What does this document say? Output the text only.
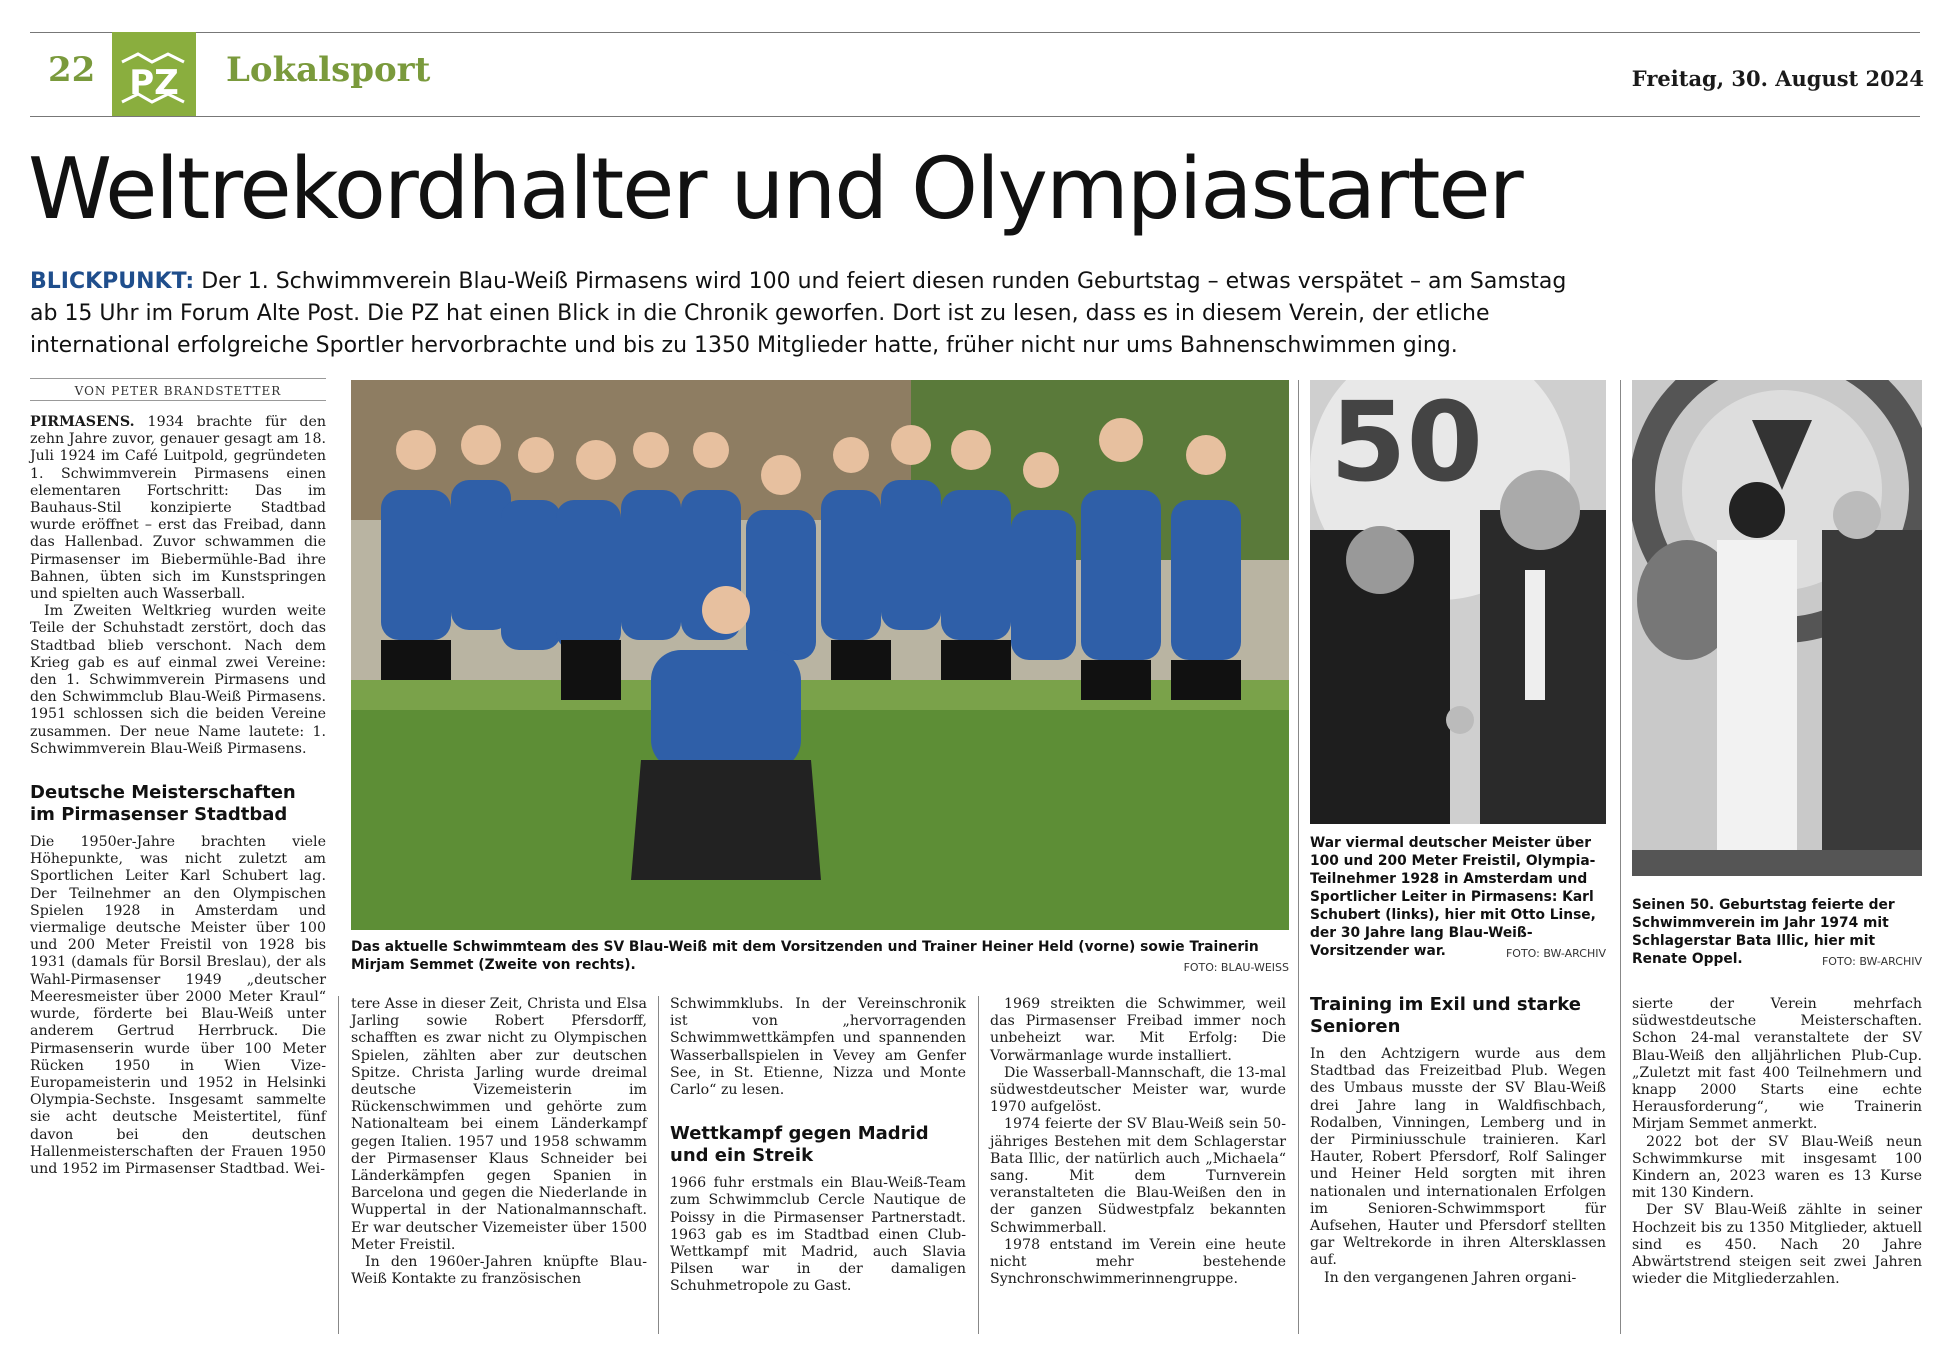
22 PZ Lokalsport	Freitag, 30. August 2024
Weltrekordhalter und Olympiastarter
BLICKPUNKT: Der 1. Schwimmverein Blau-Weiß Pirmasens wird 100 und feiert diesen runden Geburtstag – etwas verspätet – am Samstag ab 15 Uhr im Forum Alte Post. Die PZ hat einen Blick in die Chronik geworfen. Dort ist zu lesen, dass es in diesem Verein, der etliche international erfolgreiche Sportler hervorbrachte und bis zu 1350 Mitglieder hatte, früher nicht nur ums Bahnenschwimmen ging.
VON PETER BRANDSTETTER

PIRMASENS. 1934 brachte für den zehn Jahre zuvor, genauer gesagt am 18. Juli 1924 im Café Luitpold, gegründeten 1. Schwimmverein Pirmasens einen elementaren Fortschritt: Das im Bauhaus-Stil konzipierte Stadtbad wurde eröffnet – erst das Freibad, dann das Hallenbad. Zuvor schwammen die Pirmasenser im Biebermühle-Bad ihre Bahnen, übten sich im Kunstspringen und spielten auch Wasserball.

Im Zweiten Weltkrieg wurden weite Teile der Schuhstadt zerstört, doch das Stadtbad blieb verschont. Nach dem Krieg gab es auf einmal zwei Vereine: den 1. Schwimmverein Pirmasens und den Schwimmclub Blau-Weiß Pirmasens. 1951 schlossen sich die beiden Vereine zusammen. Der neue Name lautete: 1. Schwimmverein Blau-Weiß Pirmasens.

Deutsche Meisterschaften im Pirmasenser Stadtbad

Die 1950er-Jahre brachten viele Höhepunkte, was nicht zuletzt am Sportlichen Leiter Karl Schubert lag. Der Teilnehmer an den Olympischen Spielen 1928 in Amsterdam und viermalige deutsche Meister über 100 und 200 Meter Freistil von 1928 bis 1931 (damals für Borsil Breslau), der als Wahl-Pirmasenser 1949 „deutscher Meeresmeister über 2000 Meter Kraul“ wurde, förderte bei Blau-Weiß unter anderem Gertrud Herrbruck. Die Pirmasenserin wurde über 100 Meter Rücken 1950 in Wien Vize-Europameisterin und 1952 in Helsinki Olympia-Sechste. Insgesamt sammelte sie acht deutsche Meistertitel, fünf davon bei den deutschen Hallenmeisterschaften der Frauen 1950 und 1952 im Pirmasenser Stadtbad. Wei-

Das aktuelle Schwimmteam des SV Blau-Weiß mit dem Vorsitzenden und Trainer Heiner Held (vorne) sowie Trainerin Mirjam Semmet (Zweite von rechts).	FOTO: BLAU-WEISS
50
War viermal deutscher Meister über 100 und 200 Meter Freistil, Olympia-Teilnehmer 1928 in Amsterdam und Sportlicher Leiter in Pirmasens: Karl Schubert (links), hier mit Otto Linse, der 30 Jahre lang Blau-Weiß-Vorsitzender war.	FOTO: BW-ARCHIV
Seinen 50. Geburtstag feierte der Schwimmverein im Jahr 1974 mit Schlagerstar Bata Illic, hier mit Renate Oppel.	FOTO: BW-ARCHIV

tere Asse in dieser Zeit, Christa und Elsa Jarling sowie Robert Pfersdorff, schafften es zwar nicht zu Olympischen Spielen, zählten aber zur deutschen Spitze. Christa Jarling wurde dreimal deutsche Vizemeisterin im Rückenschwimmen und gehörte zum Nationalteam bei einem Länderkampf gegen Italien. 1957 und 1958 schwamm der Pirmasenser Klaus Schneider bei Länderkämpfen gegen Spanien in Barcelona und gegen die Niederlande in Wuppertal in der Nationalmannschaft. Er war deutscher Vizemeister über 1500 Meter Freistil.

In den 1960er-Jahren knüpfte Blau-Weiß Kontakte zu französischen

Schwimmklubs. In der Vereinschronik ist von „hervorragenden Schwimmwettkämpfen und spannenden Wasserballspielen in Vevey am Genfer See, in St. Etienne, Nizza und Monte Carlo“ zu lesen.

Wettkampf gegen Madrid und ein Streik

1966 fuhr erstmals ein Blau-Weiß-Team zum Schwimmclub Cercle Nautique de Poissy in die Pirmasenser Partnerstadt. 1963 gab es im Stadtbad einen Club-Wettkampf mit Madrid, auch Slavia Pilsen war in der damaligen Schuhmetropole zu Gast.

1969 streikten die Schwimmer, weil das Pirmasenser Freibad immer noch unbeheizt war. Mit Erfolg: Die Vorwärmanlage wurde installiert.

Die Wasserball-Mannschaft, die 13-mal südwestdeutscher Meister war, wurde 1970 aufgelöst.

1974 feierte der SV Blau-Weiß sein 50-jähriges Bestehen mit dem Schlagerstar Bata Illic, der natürlich auch „Michaela“ sang. Mit dem Turnverein veranstalteten die Blau-Weißen den in der ganzen Südwestpfalz bekannten Schwimmerball.

1978 entstand im Verein eine heute nicht mehr bestehende Synchronschwimmerinnengruppe.

Training im Exil und starke Senioren

In den Achtzigern wurde aus dem Stadtbad das Freizeitbad Plub. Wegen des Umbaus musste der SV Blau-Weiß drei Jahre lang in Waldfischbach, Rodalben, Vinningen, Lemberg und in der Pirminiusschule trainieren. Karl Hauter, Robert Pfersdorf, Rolf Salinger und Heiner Held sorgten mit ihren nationalen und internationalen Erfolgen im Senioren-Schwimmsport für Aufsehen, Hauter und Pfersdorf stellten gar Weltrekorde in ihren Altersklassen auf.

In den vergangenen Jahren organi-

sierte der Verein mehrfach südwestdeutsche Meisterschaften. Schon 24-mal veranstaltete der SV Blau-Weiß den alljährlichen Plub-Cup. „Zuletzt mit fast 400 Teilnehmern und knapp 2000 Starts eine echte Herausforderung“, wie Trainerin Mirjam Semmet anmerkt.

2022 bot der SV Blau-Weiß neun Schwimmkurse mit insgesamt 100 Kindern an, 2023 waren es 13 Kurse mit 130 Kindern.

Der SV Blau-Weiß zählte in seiner Hochzeit bis zu 1350 Mitglieder, aktuell sind es 450. Nach 20 Jahre Abwärtstrend steigen seit zwei Jahren wieder die Mitgliederzahlen.
